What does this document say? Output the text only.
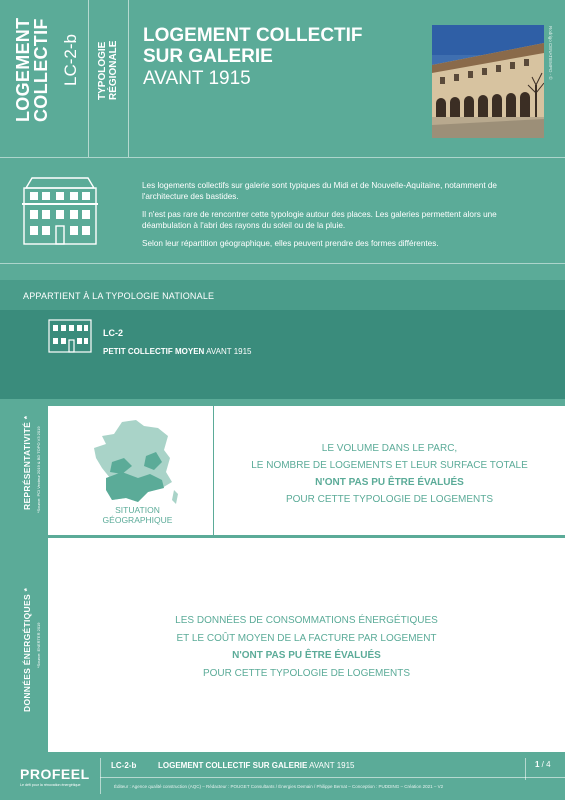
LOGEMENT
COLLECTIF LC-2-b TYPOLOGIE RÉGIONALE
LOGEMENT COLLECTIF
SUR GALERIE
AVANT 1915	Rodrigo CENATIEMPO - ©

Les logements collectifs sur galerie sont typiques du Midi et de Nouvelle-Aquitaine, notamment de l'architecture des bastides.

Il n'est pas rare de rencontrer cette typologie autour des places. Les galeries permettent alors une déambulation à l'abri des rayons du soleil ou de la pluie.

Selon leur répartition géographique, elles peuvent prendre des formes différentes.

APPARTIENT À LA TYPOLOGIE NATIONALE
LC-2
PETIT COLLECTIF MOYEN AVANT 1915
REPRÉSENTATIVITÉ * *Source: PCI Vecteur 2019 & BD TOPO V3 2019
DONNÉES ÉNERGÉTIQUES * *Source: ENERTER 2019
SITUATION
GÉOGRAPHIQUE
LE VOLUME DANS LE PARC,
LE NOMBRE DE LOGEMENTS ET LEUR SURFACE TOTALE
N'ONT PAS PU ÊTRE ÉVALUÉS
POUR CETTE TYPOLOGIE DE LOGEMENTS
LES DONNÉES DE CONSOMMATIONS ÉNERGÉTIQUES
ET LE COÛT MOYEN DE LA FACTURE PAR LOGEMENT
N'ONT PAS PU ÊTRE ÉVALUÉS
POUR CETTE TYPOLOGIE DE LOGEMENTS
PROFEEL
Le défi pour la rénovation énergétique
LC-2-b	LOGEMENT COLLECTIF SUR GALERIE AVANT 1915	1 / 4
Éditeur : Agence qualité construction (AQC) – Rédacteur : POUGET Consultants / Énergies Demain / Philippe Bernat – Conception : PUDDING – Création 2021 – V2
